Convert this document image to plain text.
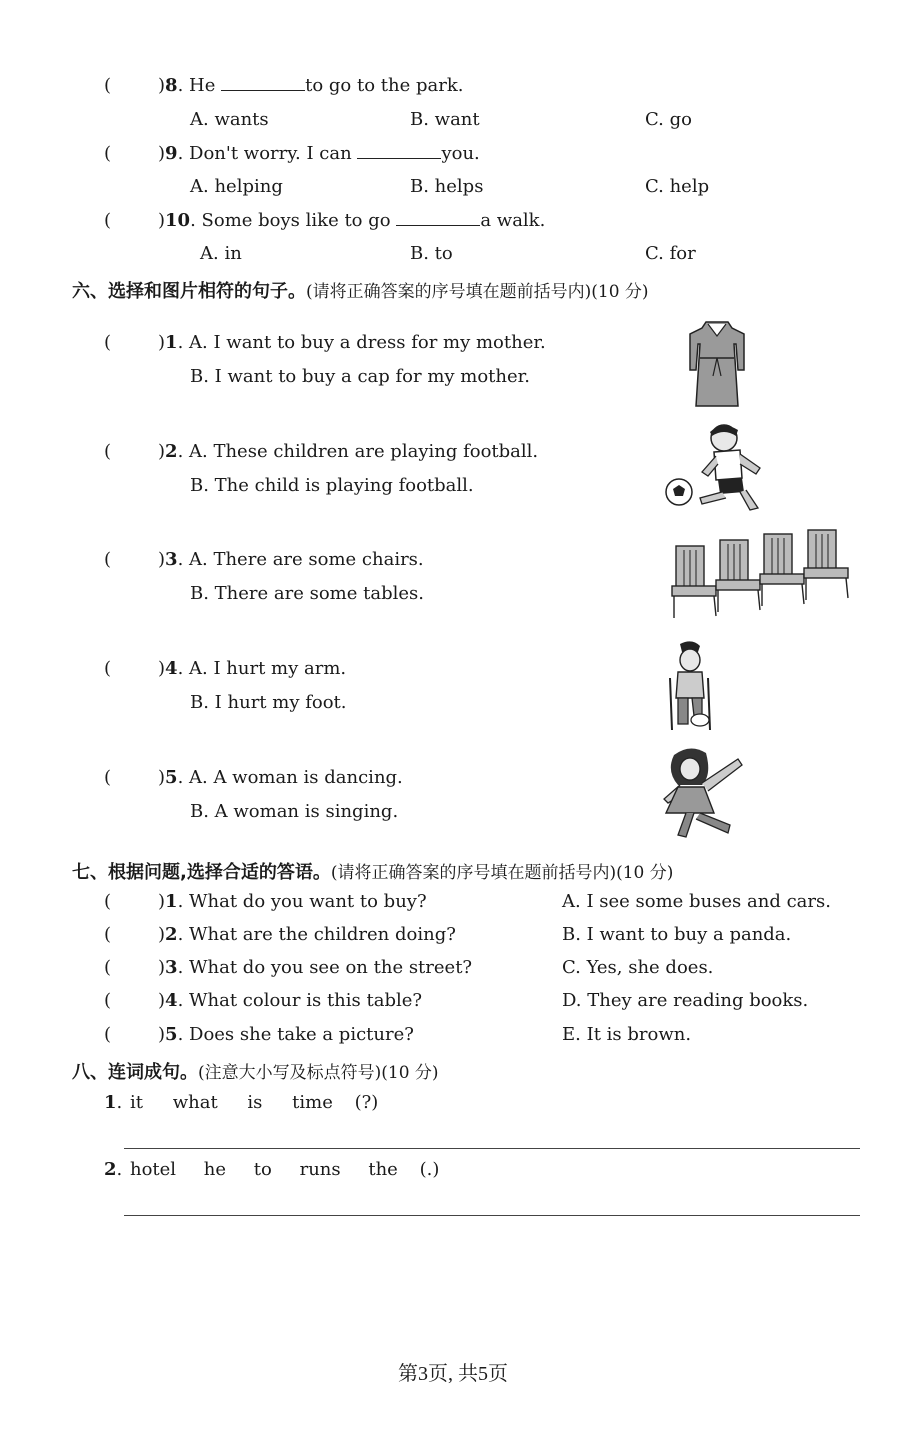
(	)8. He	to go to the park.
A. wants	B. want	C. go
(	)9. Don't worry. I can	you.
A. helping	B. helps	C. help
(	)10. Some boys like to go	a walk.
A. in	B. to	C. for
六、选择和图片相符的句子。(请将正确答案的序号填在题前括号内)(10 分)
(	)1. A. I want to buy a dress for my mother.
B. I want to buy a cap for my mother.
(	)2. A. These children are playing football.
B. The child is playing football.
(	)3. A. There are some chairs.
B. There are some tables.
(	)4. A. I hurt my arm.
B. I hurt my foot.
(	)5. A. A woman is dancing.
B. A woman is singing.
七、根据问题,选择合适的答语。(请将正确答案的序号填在题前括号内)(10 分)
(	)1. What do you want to buy?	A. I see some buses and cars.
(	)2. What are the children doing?	B. I want to buy a panda.
(	)3. What do you see on the street?	C. Yes, she does.
(	)4. What colour is this table?	D. They are reading books.
(	)5. Does she take a picture?	E. It is brown.
八、连词成句。(注意大小写及标点符号)(10 分)
1. it what is time (?)
2. hotel he to runs the (.)
第3页, 共5页
